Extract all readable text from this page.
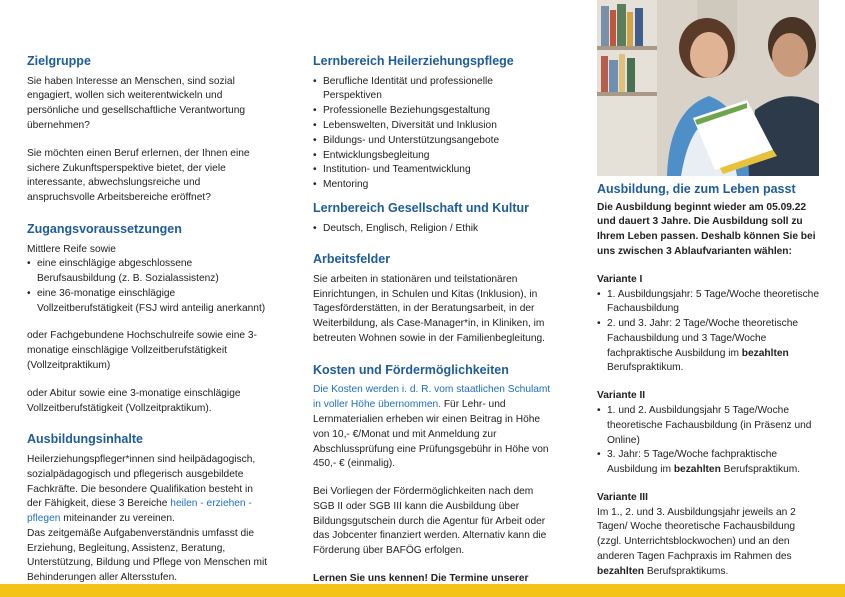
Zielgruppe

Sie haben Interesse an Menschen, sind sozial engagiert, wollen sich weiterentwickeln und persönliche und gesellschaftliche Verantwortung übernehmen?

Sie möchten einen Beruf erlernen, der Ihnen eine sichere Zukunftsperspektive bietet, der viele interessante, abwechslungsreiche und anspruchsvolle Arbeitsbereiche eröffnet?

Zugangsvoraussetzungen

Mittlere Reife sowie

• eine einschlägige abgeschlossene Berufsausbildung (z. B. Sozialassistenz)
• eine 36-monatige einschlägige Vollzeitberufstätigkeit (FSJ wird anteilig anerkannt)

oder Fachgebundene Hochschulreife sowie eine 3-monatige einschlägige Vollzeitberufstätigkeit (Vollzeitpraktikum)

oder Abitur sowie eine 3-monatige einschlägige Vollzeitberufstätigkeit (Vollzeitpraktikum).

Ausbildungsinhalte

Heilerziehungspfleger*innen sind heilpädagogisch, sozialpädagogisch und pflegerisch ausgebildete Fachkräfte. Die besondere Qualifikation besteht in der Fähigkeit, diese 3 Bereiche heilen - erziehen - pflegen miteinander zu vereinen.

Das zeitgemäße Aufgabenverständnis umfasst die Erziehung, Begleitung, Assistenz, Beratung, Unterstützung, Bildung und Pflege von Menschen mit Behinderungen aller Altersstufen.

Lernbereich Heilerziehungspflege
• Berufliche Identität und professionelle Perspektiven
• Professionelle Beziehungsgestaltung
• Lebenswelten, Diversität und Inklusion
• Bildungs- und Unterstützungsangebote
• Entwicklungsbegleitung
• Institution- und Teamentwicklung
• Mentoring
Lernbereich Gesellschaft und Kultur
• Deutsch, Englisch, Religion / Ethik
Arbeitsfelder

Sie arbeiten in stationären und teilstationären Einrichtungen, in Schulen und Kitas (Inklusion), in Tagesförderstätten, in der Beratungsarbeit, in der Weiterbildung, als Case-Manager*in, in Kliniken, im betreuten Wohnen sowie in der Familienbegleitung.

Kosten und Fördermöglichkeiten

Die Kosten werden i. d. R. vom staatlichen Schulamt in voller Höhe übernommen. Für Lehr- und Lernmaterialien erheben wir einen Beitrag in Höhe von 10,- €/Monat und mit Anmeldung zur Abschlussprüfung eine Prüfungsgebühr in Höhe von 450,- € (einmalig).

Bei Vorliegen der Fördermöglichkeiten nach dem SGB II oder SGB III kann die Ausbildung über Bildungsgutschein durch die Agentur für Arbeit oder das Jobcenter finanziert werden. Alternativ kann die Förderung über BAFÖG erfolgen.

Lernen Sie uns kennen! Die Termine unserer

Ausbildung, die zum Leben passt

Die Ausbildung beginnt wieder am 05.09.22 und dauert 3 Jahre. Die Ausbildung soll zu Ihrem Leben passen. Deshalb können Sie bei uns zwischen 3 Ablaufvarianten wählen:

Variante I

• 1. Ausbildungsjahr: 5 Tage/Woche theoretische Fachausbildung
• 2. und 3. Jahr: 2 Tage/Woche theoretische Fachausbildung und 3 Tage/Woche fachpraktische Ausbildung im bezahlten Berufspraktikum.

Variante II

• 1. und 2. Ausbildungsjahr 5 Tage/Woche theoretische Fachausbildung (in Präsenz und Online)
• 3. Jahr: 5 Tage/Woche fachpraktische Ausbildung im bezahlten Berufspraktikum.

Variante III

Im 1., 2. und 3. Ausbildungsjahr jeweils an 2 Tagen/ Woche theoretische Fachausbildung (zzgl. Unterrichtsblockwochen) und an den anderen Tagen Fachpraxis im Rahmen des bezahlten Berufspraktikums.
